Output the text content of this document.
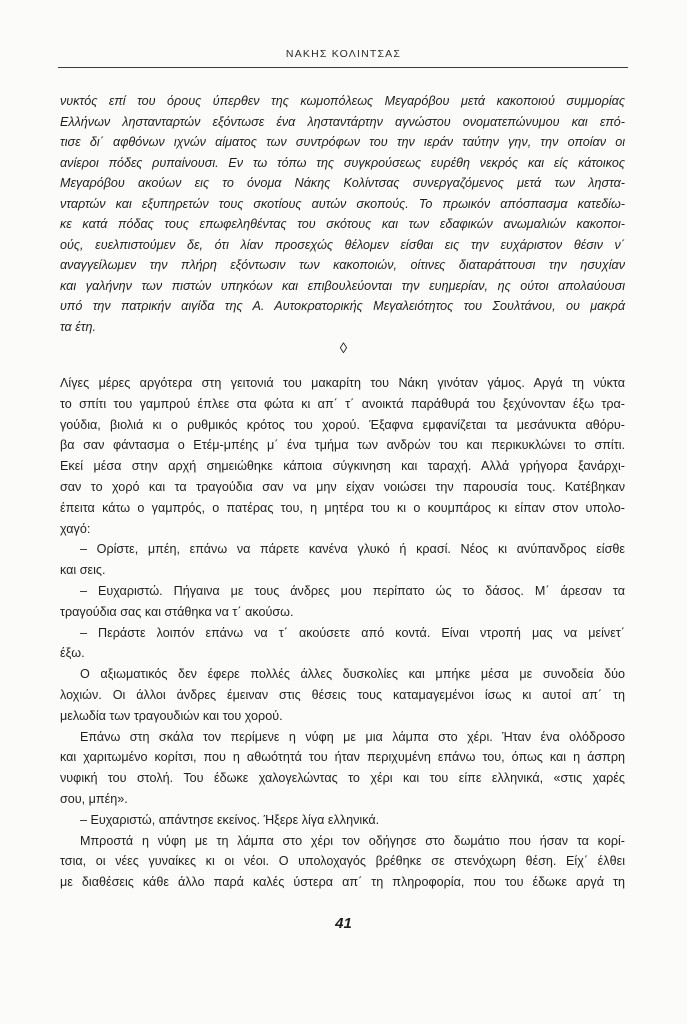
ΝΑΚΗΣ ΚΟΛΙΝΤΣΑΣ
νυκτός επί του όρους ύπερθεν της κωμοπόλεως Μεγαρόβου μετά κακοποιού συμμορίας
Ελλήνων ληστανταρτών εξόντωσε ένα λησταντάρτην αγνώστου ονοματεπώνυμου και επό-
τισε δι΄ αφθόνων ιχνών αίματος των συντρόφων του την ιεράν ταύτην γην, την οποίαν οι
ανίεροι πόδες ρυπαίνουσι. Εν τω τόπω της συγκρούσεως ευρέθη νεκρός και είς κάτοικος
Μεγαρόβου ακούων εις το όνομα Νάκης Κολίντσας συνεργαζόμενος μετά των ληστα-
νταρτών και εξυπηρετών τους σκοτίους αυτών σκοπούς. Το πρωικόν απόσπασμα κατεδίω-
κε κατά πόδας τους επωφεληθέντας του σκότους και των εδαφικών ανωμαλιών κακοποι-
ούς, ευελπιστούμεν δε, ότι λίαν προσεχώς θέλομεν είσθαι εις την ευχάριστον θέσιν ν΄
αναγγείλωμεν την πλήρη εξόντωσιν των κακοποιών, οίτινες διαταράττουσι την ησυχίαν
και γαλήνην των πιστών υπηκόων και επιβουλεύονται την ευημερίαν, ης ούτοι απολαύουσι
υπό την πατρικήν αιγίδα της Α. Αυτοκρατορικής Μεγαλειότητος του Σουλτάνου, ου μακρά
τα έτη.
◊
Λίγες μέρες αργότερα στη γειτονιά του μακαρίτη του Νάκη γινόταν γάμος. Αργά τη νύκτα
το σπίτι του γαμπρού έπλεε στα φώτα κι απ΄ τ΄ ανοικτά παράθυρά του ξεχύνονταν έξω τρα-
γούδια, βιολιά κι ο ρυθμικός κρότος του χορού. Έξαφνα εμφανίζεται τα μεσάνυκτα αθόρυ-
βα σαν φάντασμα ο Ετέμ-μπέης μ΄ ένα τμήμα των ανδρών του και περικυκλώνει το σπίτι.
Εκεί μέσα στην αρχή σημειώθηκε κάποια σύγκινηση και ταραχή. Αλλά γρήγορα ξανάρχι-
σαν το χορό και τα τραγούδια σαν να μην είχαν νοιώσει την παρουσία τους. Κατέβηκαν
έπειτα κάτω ο γαμπρός, ο πατέρας του, η μητέρα του κι ο κουμπάρος κι είπαν στον υπολο-
χαγό:
– Ορίστε, μπέη, επάνω να πάρετε κανένα γλυκό ή κρασί. Νέος κι ανύπανδρος είσθε
και σεις.
– Ευχαριστώ. Πήγαινα με τους άνδρες μου περίπατο ώς το δάσος. Μ΄ άρεσαν τα
τραγούδια σας και στάθηκα να τ΄ ακούσω.
– Περάστε λοιπόν επάνω να τ΄ ακούσετε από κοντά. Είναι ντροπή μας να μείνετ΄
έξω.
Ο αξιωματικός δεν έφερε πολλές άλλες δυσκολίες και μπήκε μέσα με συνοδεία δύο
λοχιών. Οι άλλοι άνδρες έμειναν στις θέσεις τους καταμαγεμένοι ίσως κι αυτοί απ΄ τη
μελωδία των τραγουδιών και του χορού.
Επάνω στη σκάλα τον περίμενε η νύφη με μια λάμπα στο χέρι. Ήταν ένα ολόδροσο
και χαριτωμένο κορίτσι, που η αθωότητά του ήταν περιχυμένη επάνω του, όπως και η άσπρη
νυφική του στολή. Του έδωκε χαλογελώντας το χέρι και του είπε ελληνικά, «στις χαρές
σου, μπέη».
– Ευχαριστώ, απάντησε εκείνος. Ήξερε λίγα ελληνικά.
Μπροστά η νύφη με τη λάμπα στο χέρι τον οδήγησε στο δωμάτιο που ήσαν τα κορί-
τσια, οι νέες γυναίκες κι οι νέοι. Ο υπολοχαγός βρέθηκε σε στενόχωρη θέση. Είχ΄ έλθει
με διαθέσεις κάθε άλλο παρά καλές ύστερα απ΄ τη πληροφορία, που του έδωκε αργά τη
41
